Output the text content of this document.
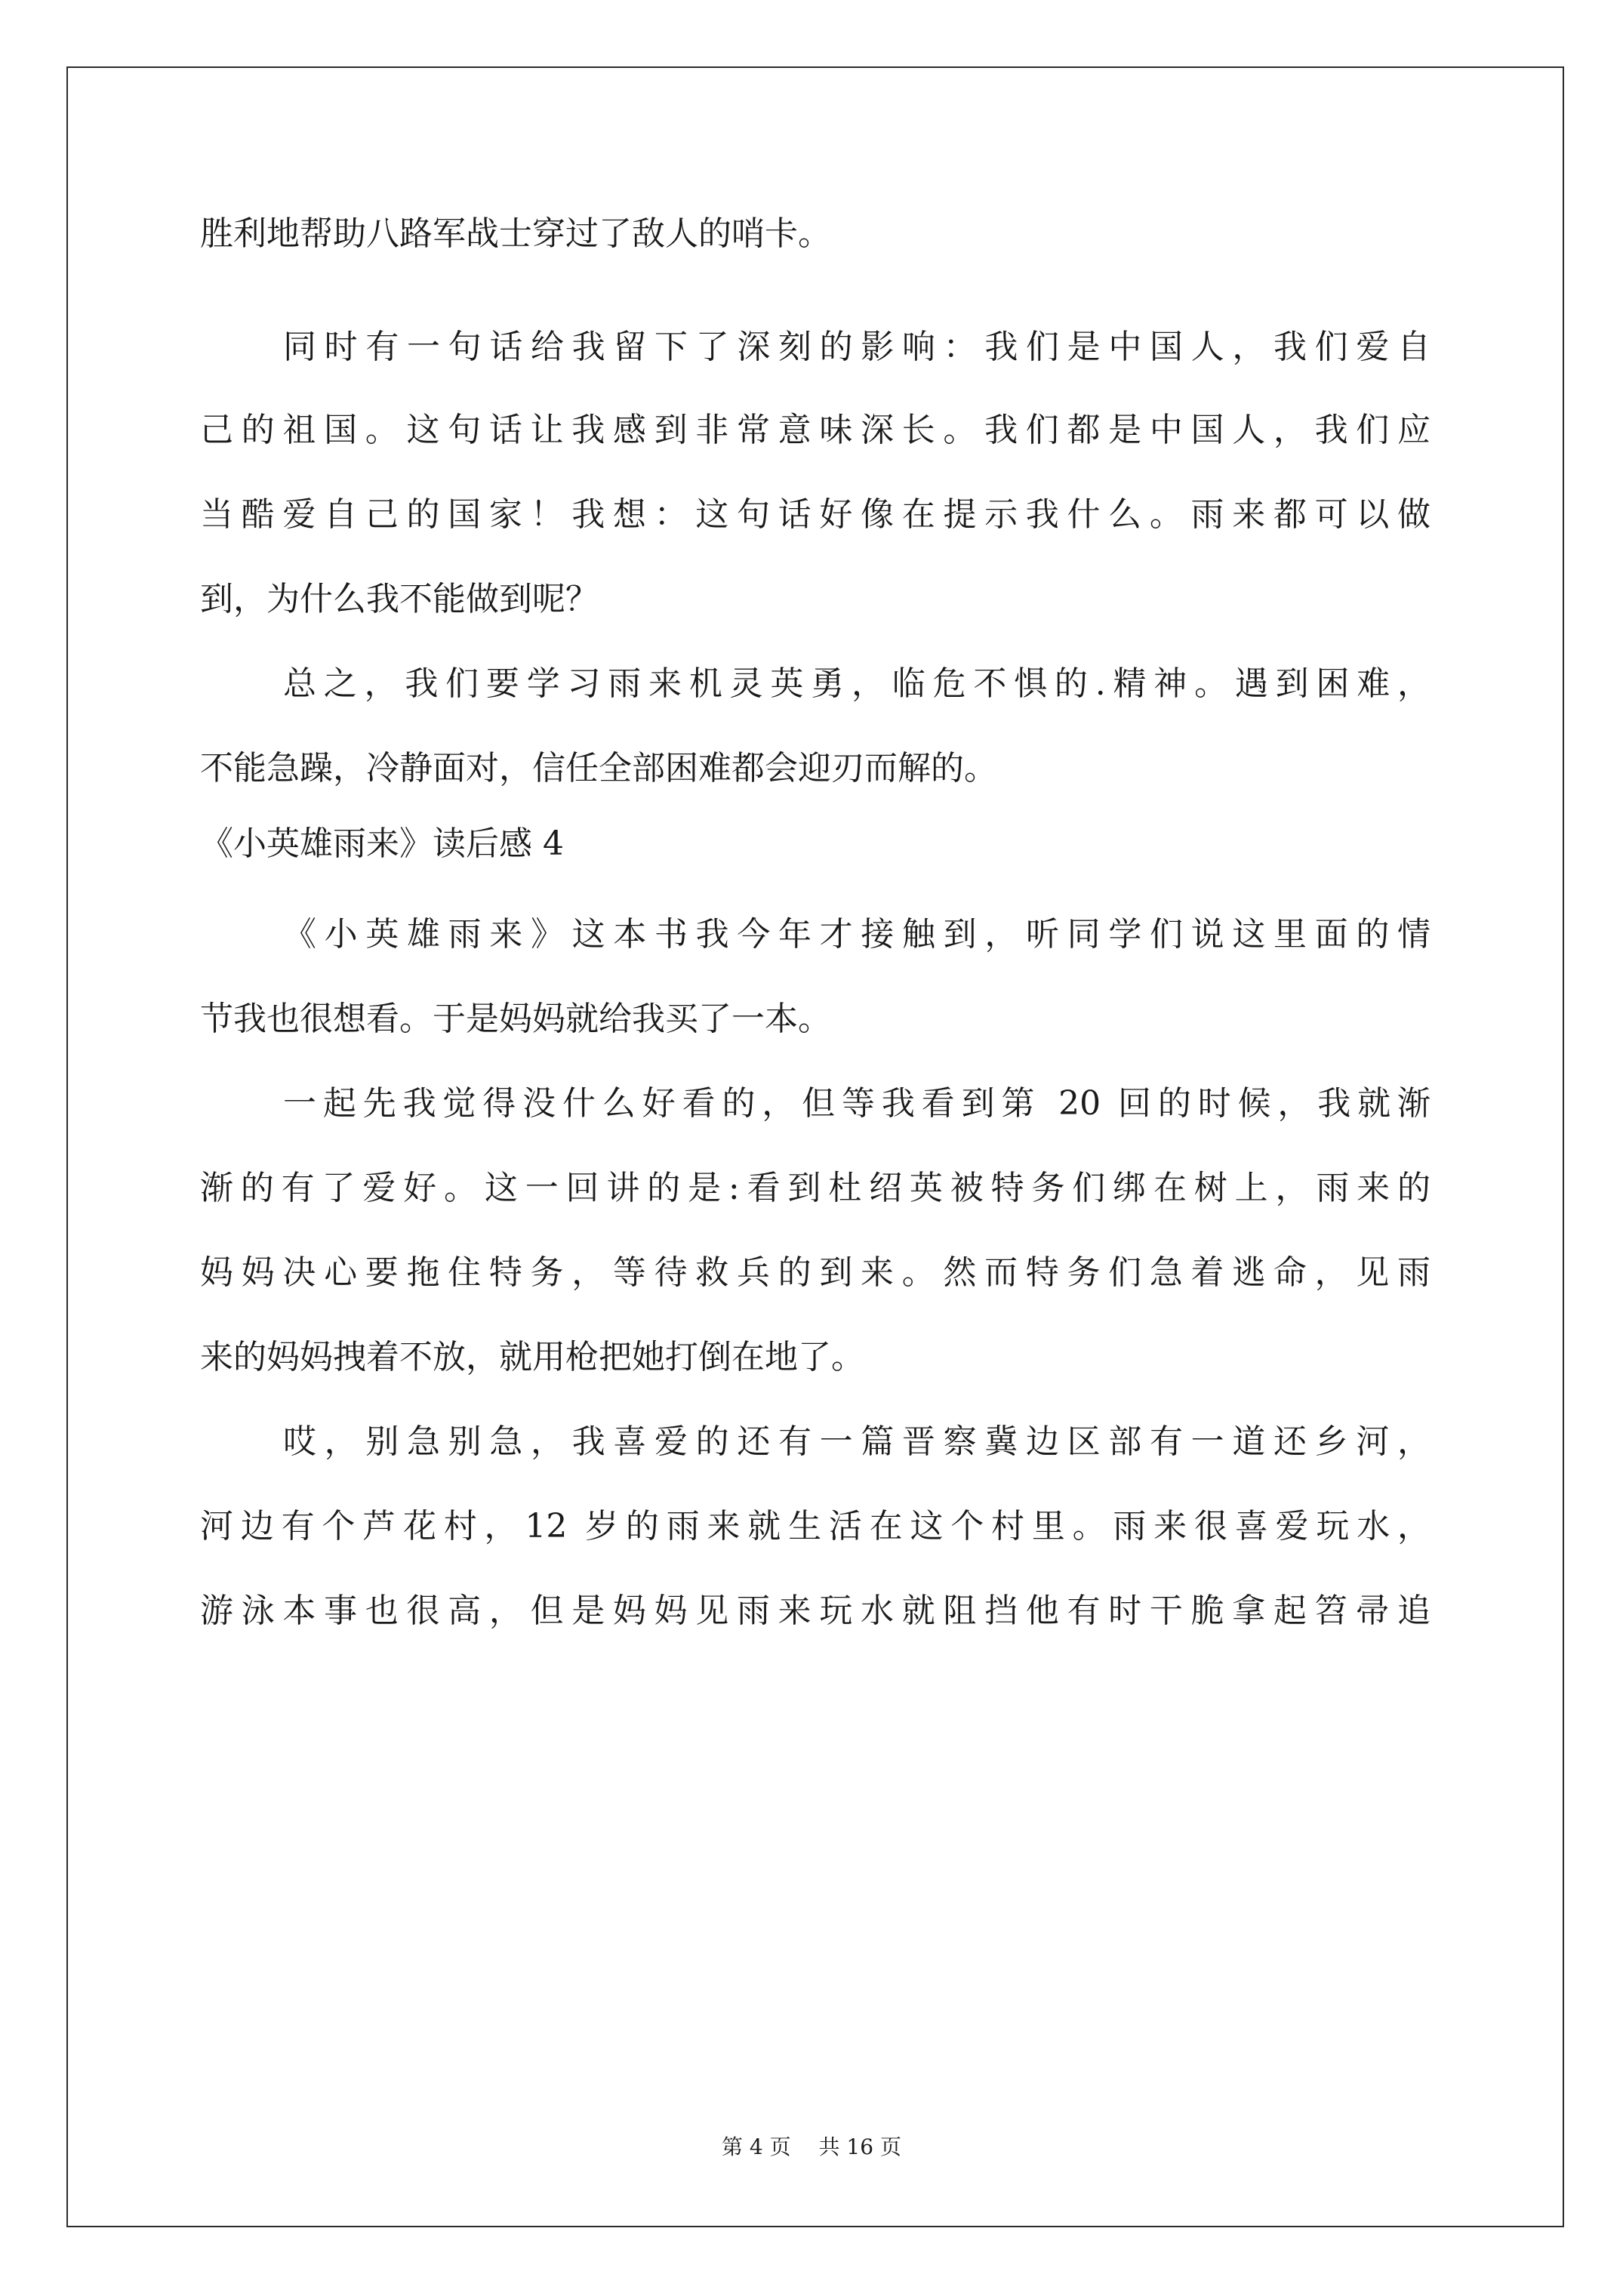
胜利地帮助八路军战士穿过了敌人的哨卡。
同时有一句话给我留下了深刻的影响：我们是中国人，我们爱自
己的祖国。这句话让我感到非常意味深长。我们都是中国人，我们应
当酷爱自己的国家！我想：这句话好像在提示我什么。雨来都可以做
到，为什么我不能做到呢？
总之，我们要学习雨来机灵英勇，临危不惧的.精神。遇到困难，
不能急躁，冷静面对，信任全部困难都会迎刃而解的。
《小英雄雨来》读后感 4
《小英雄雨来》这本书我今年才接触到，听同学们说这里面的情
节我也很想看。于是妈妈就给我买了一本。
一起先我觉得没什么好看的，但等我看到第 20 回的时候，我就渐
渐的有了爱好。这一回讲的是:看到杜绍英被特务们绑在树上，雨来的
妈妈决心要拖住特务，等待救兵的到来。然而特务们急着逃命，见雨
来的妈妈拽着不放，就用枪把她打倒在地了。
哎，别急别急，我喜爱的还有一篇晋察冀边区部有一道还乡河，
河边有个芦花村，12 岁的雨来就生活在这个村里。雨来很喜爱玩水，
游泳本事也很高，但是妈妈见雨来玩水就阻挡他有时干脆拿起笤帚追
第 4 页　 共 16 页
